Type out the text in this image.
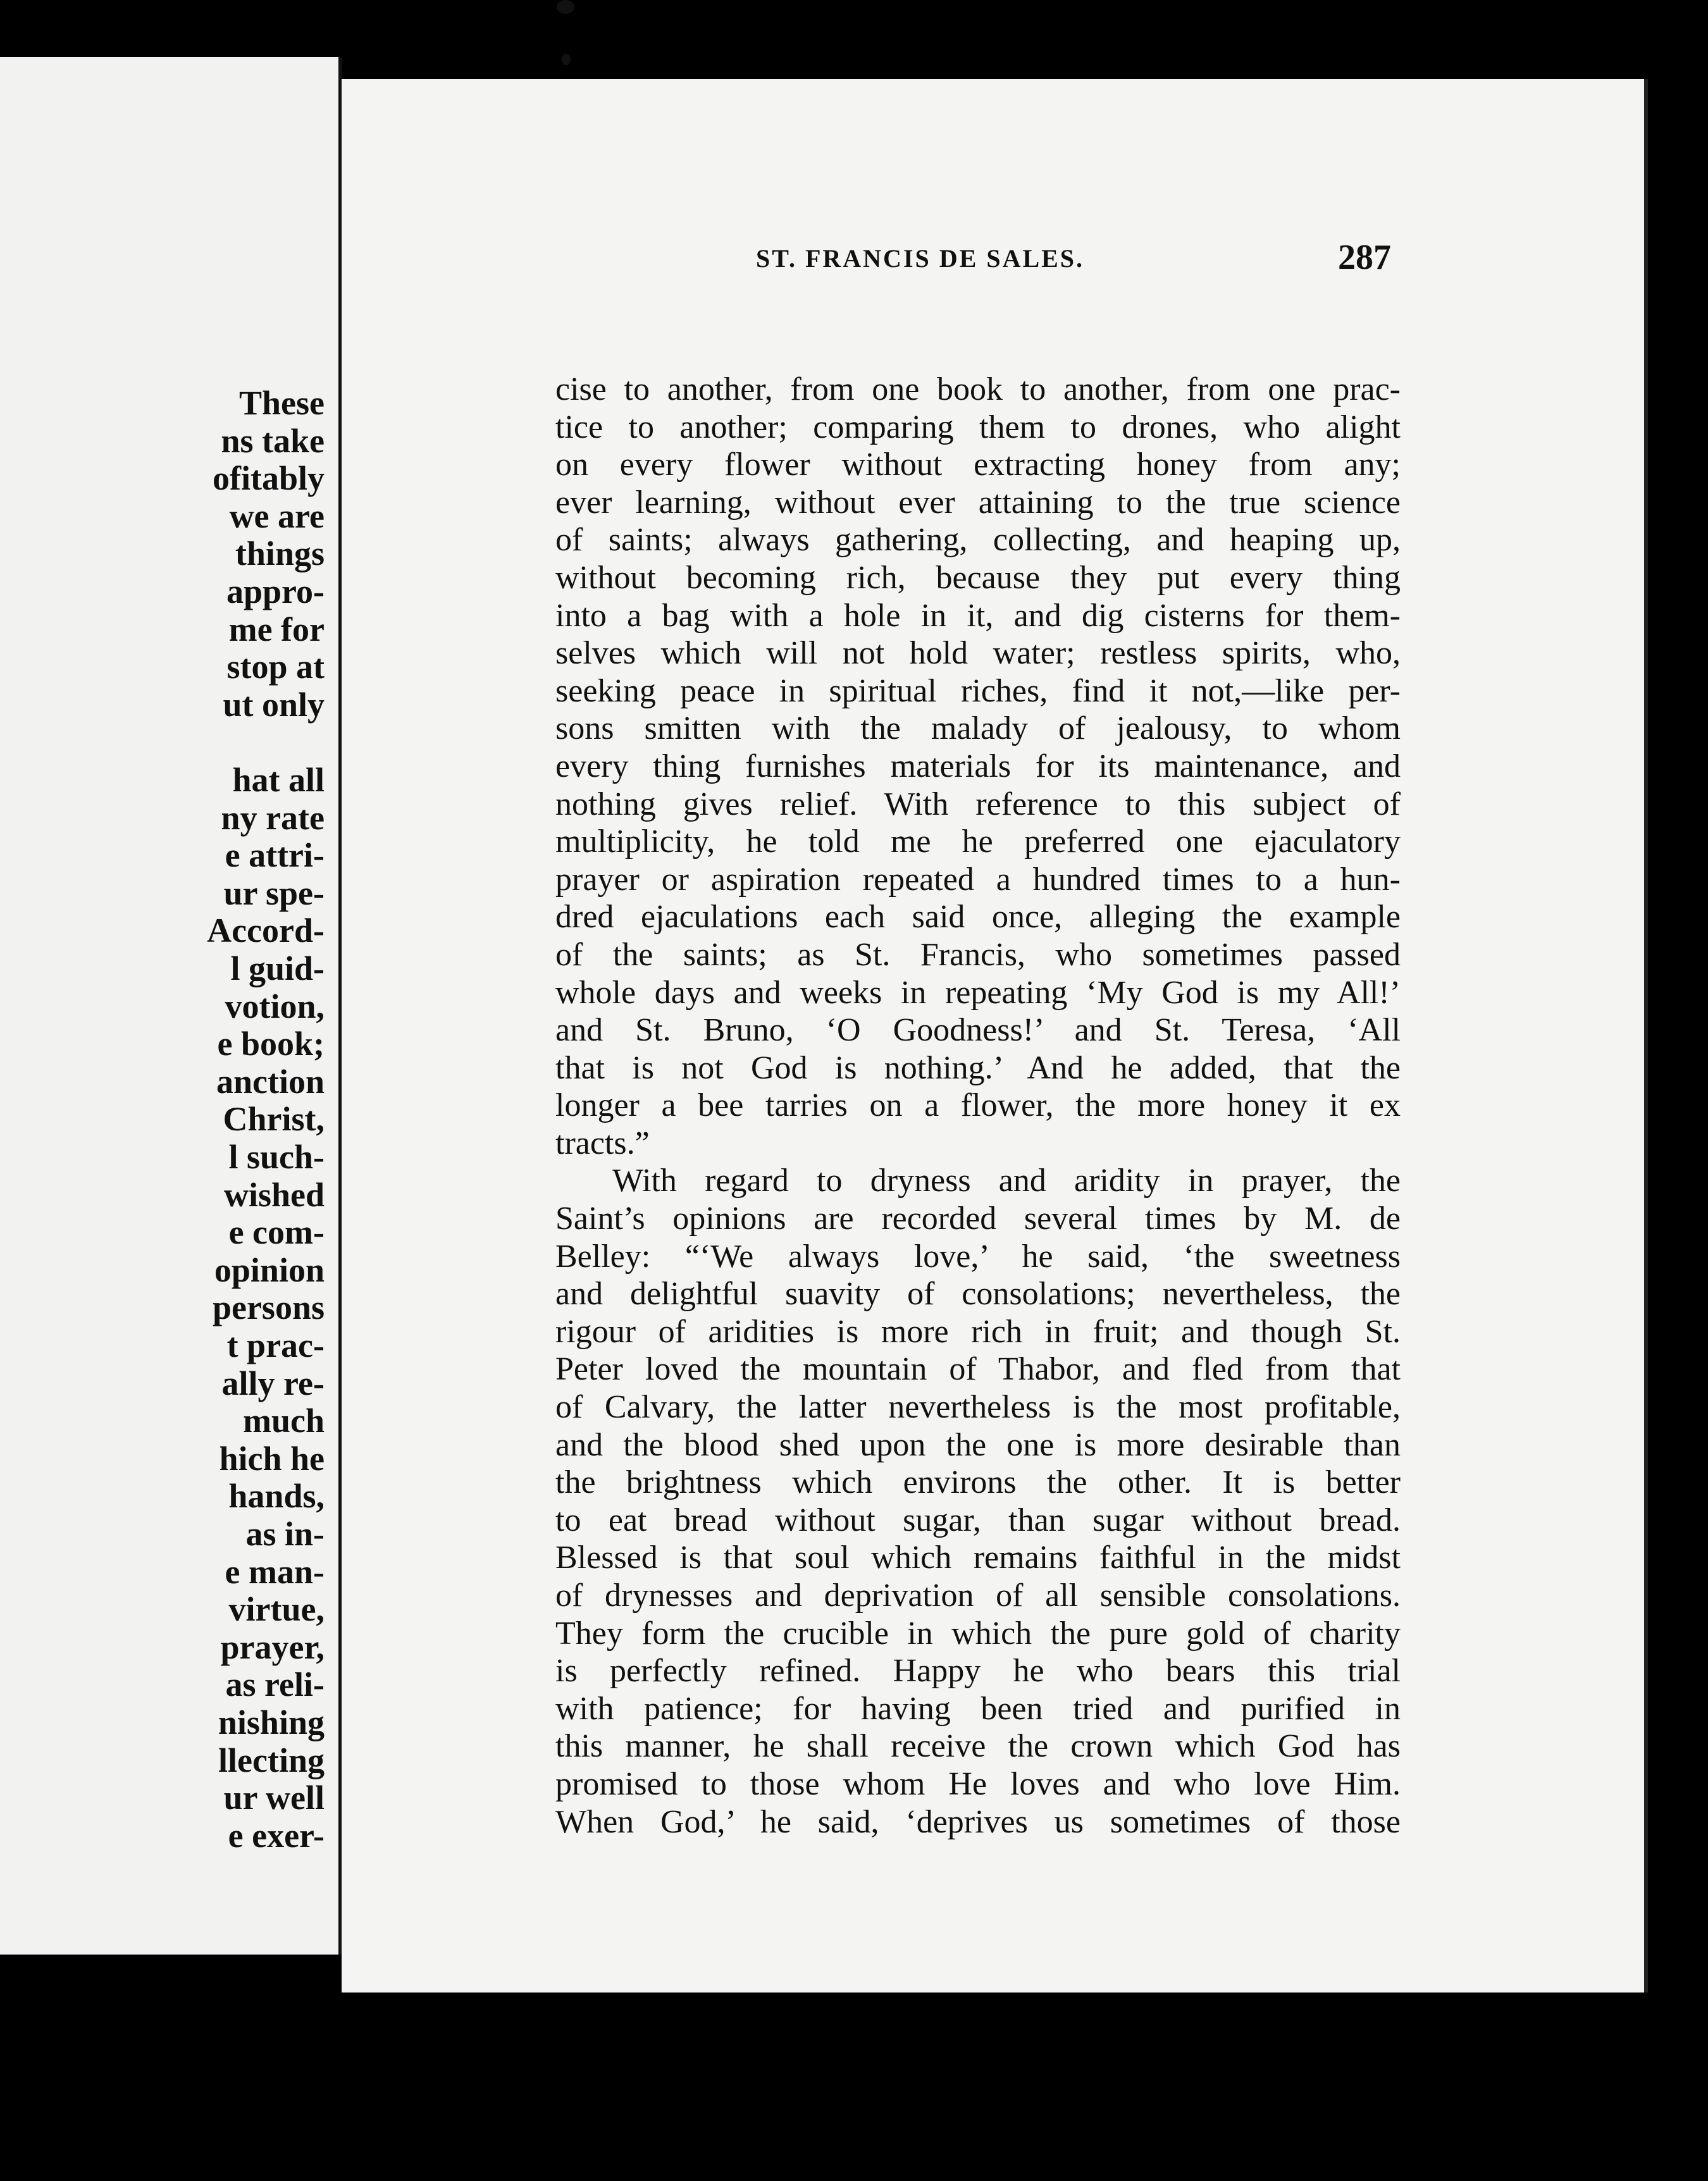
These
ns take
ofitably
we are
things
appro-
me for
stop at
ut only
hat all
ny rate
e attri-
ur spe-
Accord-
l guid-
votion,
e book;
anction
Christ,
l such-
wished
e com-
opinion
persons
t prac-
ally re-
much
hich he
hands,
as in-
e man-
virtue,
prayer,
as reli-
nishing
llecting
ur well
e exer-
ST. FRANCIS DE SALES.	287
cise to another, from one book to another, from one prac-
tice to another; comparing them to drones, who alight
on every flower without extracting honey from any;
ever learning, without ever attaining to the true science
of saints; always gathering, collecting, and heaping up,
without becoming rich, because they put every thing
into a bag with a hole in it, and dig cisterns for them-
selves which will not hold water; restless spirits, who,
seeking peace in spiritual riches, find it not,—like per-
sons smitten with the malady of jealousy, to whom
every thing furnishes materials for its maintenance, and
nothing gives relief. With reference to this subject of
multiplicity, he told me he preferred one ejaculatory
prayer or aspiration repeated a hundred times to a hun-
dred ejaculations each said once, alleging the example
of the saints; as St. Francis, who sometimes passed
whole days and weeks in repeating ‘My God is my All!’
and St. Bruno, ‘O Goodness!’ and St. Teresa, ‘All
that is not God is nothing.’ And he added, that the
longer a bee tarries on a flower, the more honey it ex
tracts.”
With regard to dryness and aridity in prayer, the
Saint’s opinions are recorded several times by M. de
Belley: “‘We always love,’ he said, ‘the sweetness
and delightful suavity of consolations; nevertheless, the
rigour of aridities is more rich in fruit; and though St.
Peter loved the mountain of Thabor, and fled from that
of Calvary, the latter nevertheless is the most profitable,
and the blood shed upon the one is more desirable than
the brightness which environs the other. It is better
to eat bread without sugar, than sugar without bread.
Blessed is that soul which remains faithful in the midst
of drynesses and deprivation of all sensible consolations.
They form the crucible in which the pure gold of charity
is perfectly refined. Happy he who bears this trial
with patience; for having been tried and purified in
this manner, he shall receive the crown which God has
promised to those whom He loves and who love Him.
When God,’ he said, ‘deprives us sometimes of those
